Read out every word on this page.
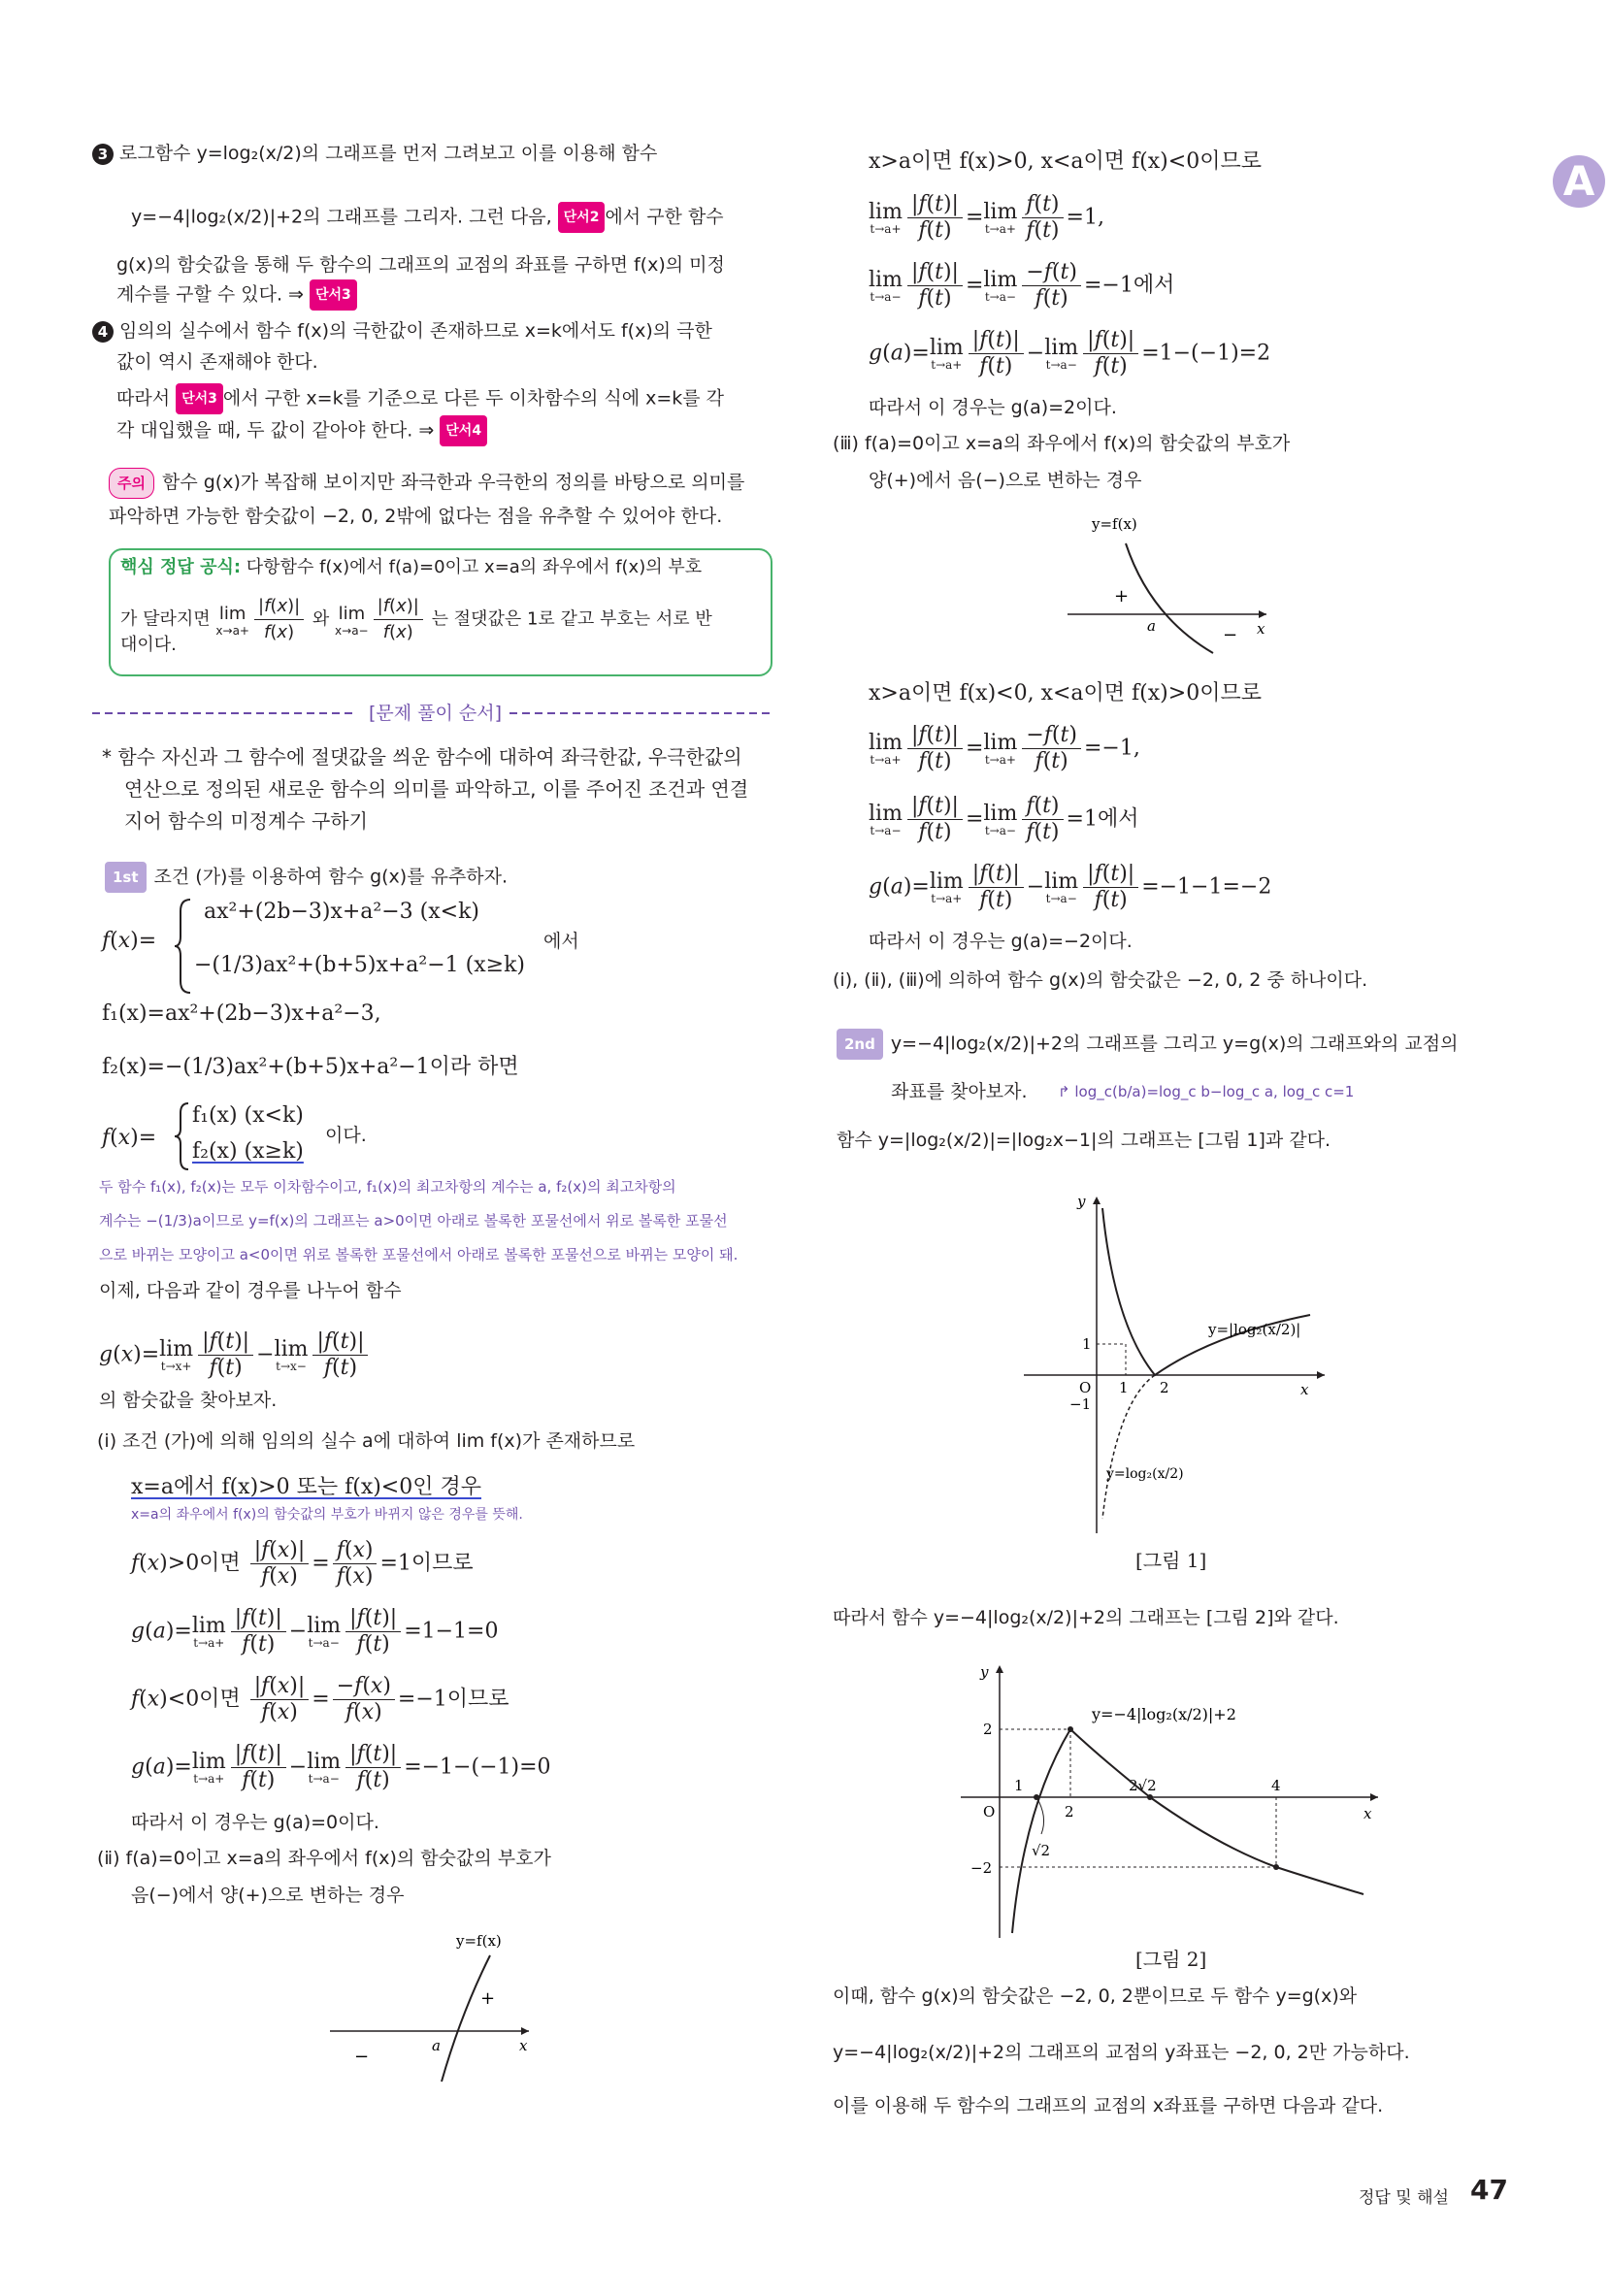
3 로그함수 y=log₂(x/2)의 그래프를 먼저 그려보고 이를 이용해 함수
y=−4|log₂(x/2)|+2의 그래프를 그리자. 그런 다음, 단서2 에서 구한 함수
g(x)의 함숫값을 통해 두 함수의 그래프의 교점의 좌표를 구하면 f(x)의 미정
계수를 구할 수 있다. ⇒ 단서3
4 임의의 실수에서 함수 f(x)의 극한값이 존재하므로 x=k에서도 f(x)의 극한
값이 역시 존재해야 한다.
따라서 단서3 에서 구한 x=k를 기준으로 다른 두 이차함수의 식에 x=k를 각
각 대입했을 때, 두 값이 같아야 한다. ⇒ 단서4
주의 함수 g(x)가 복잡해 보이지만 좌극한과 우극한의 정의를 바탕으로 의미를
파악하면 가능한 함숫값이 −2, 0, 2밖에 없다는 점을 유추할 수 있어야 한다.
핵심 정답 공식: 다항함수 f(x)에서 f(a)=0이고 x=a의 좌우에서 f(x)의 부호
가 달라지면 lim
$x\to a+ \frac{|f(x)|}{f(x)}$ 와 lim
$x\to a- \frac{|f(x)|}{f(x)}$ 는 절댓값은 1로 같고 부호는 서로 반
대이다.
[문제 풀이 순서]
* 함수 자신과 그 함수에 절댓값을 씌운 함수에 대하여 좌극한값, 우극한값의
연산으로 정의된 새로운 함수의 의미를 파악하고, 이를 주어진 조건과 연결
지어 함수의 미정계수 구하기
1st 조건 (가)를 이용하여 함수 g(x)를 유추하자.
f(x)=
ax²+(2b−3)x+a²−3 (x<k)
−(1/3)ax²+(b+5)x+a²−1 (x≥k)
에서
f₁(x)=ax²+(2b−3)x+a²−3,
f₂(x)=−(1/3)ax²+(b+5)x+a²−1이라 하면
f(x)=
f₁(x) (x<k)
f₂(x) (x≥k)
이다.
두 함수 f₁(x), f₂(x)는 모두 이차함수이고, f₁(x)의 최고차항의 계수는 a, f₂(x)의 최고차항의
계수는 −(1/3)a이므로 y=f(x)의 그래프는 a>0이면 아래로 볼록한 포물선에서 위로 볼록한 포물선
으로 바뀌는 모양이고 a<0이면 위로 볼록한 포물선에서 아래로 볼록한 포물선으로 바뀌는 모양이 돼.
이제, 다음과 같이 경우를 나누어 함수
g(x)=lim
$t\to x+ \frac{|f(t)|}{f(t)} -\lim$
$t\to x- \frac{|f(t)|}{f(t)}$
의 함숫값을 찾아보자.
(ⅰ) 조건 (가)에 의해 임의의 실수 a에 대하여 lim f(x)가 존재하므로
x=a에서 f(x)>0 또는 f(x)<0인 경우
x=a의 좌우에서 f(x)의 함숫값의 부호가 바뀌지 않은 경우를 뜻해.
f(x)>0이면 $\frac{|f(x)|}{f(x)} = \frac{f(x)}{f(x)} =1$이므로
g(a)=lim
$t\to a+ \frac{|f(t)|}{f(t)} -\lim$
$t\to a- \frac{|f(t)|}{f(t)} =1-1=0$
f(x)<0이면 $\frac{|f(x)|}{f(x)} = \frac{-f(x)}{f(x)} =-1$이므로
g(a)=lim
$t\to a+ \frac{|f(t)|}{f(t)} -\lim$
$t\to a- \frac{|f(t)|}{f(t)} =-1-(-1)=0$
따라서 이 경우는 g(a)=0이다.
(ⅱ) f(a)=0이고 x=a의 좌우에서 f(x)의 함숫값의 부호가
음(−)에서 양(+)으로 변하는 경우
y=f(x)
+
−
x
a
A
x>a이면 f(x)>0, x<a이면 f(x)<0이므로
lim
$t\to a+ \frac{|f(t)|}{f(t)} =\lim$
$t\to a+ \frac{f(t)}{f(t)} =1$,
lim
$t\to a- \frac{|f(t)|}{f(t)} =\lim$
$t\to a- \frac{-f(t)}{f(t)} =-1$에서
g(a)=lim
$t\to a+ \frac{|f(t)|}{f(t)} -\lim$
$t\to a- \frac{|f(t)|}{f(t)} =1-(-1)=2$
따라서 이 경우는 g(a)=2이다.
(ⅲ) f(a)=0이고 x=a의 좌우에서 f(x)의 함숫값의 부호가
양(+)에서 음(−)으로 변하는 경우
y=f(x)
+
− x
a
x>a이면 f(x)<0, x<a이면 f(x)>0이므로
lim
$t\to a+ \frac{|f(t)|}{f(t)} =\lim$
$t\to a+ \frac{-f(t)}{f(t)} =-1$,
lim
$t\to a- \frac{|f(t)|}{f(t)} =\lim$
$t\to a- \frac{f(t)}{f(t)} =1$에서
g(a)=lim
$t\to a+ \frac{|f(t)|}{f(t)} -\lim$
$t\to a- \frac{|f(t)|}{f(t)} =-1-1=-2$
따라서 이 경우는 g(a)=−2이다.
(ⅰ), (ⅱ), (ⅲ)에 의하여 함수 g(x)의 함숫값은 −2, 0, 2 중 하나이다.
2nd y=−4|log₂(x/2)|+2의 그래프를 그리고 y=g(x)의 그래프와의 교점의
좌표를 찾아보자. ↱ log_c(b/a)=log_c b−log_c a, log_c c=1
함수 y=|log₂(x/2)|=|log₂x−1|의 그래프는 [그림 1]과 같다.
y
x
O
1
−1
1 2
y=|log₂(x/2)|
y=log₂(x/2)
[그림 1]
따라서 함수 y=−4|log₂(x/2)|+2의 그래프는 [그림 2]와 같다.
y
x
O
2
−2
1
2
2√2	4
√2
y=−4|log₂(x/2)|+2
[그림 2]
이때, 함수 g(x)의 함숫값은 −2, 0, 2뿐이므로 두 함수 y=g(x)와
y=−4|log₂(x/2)|+2의 그래프의 교점의 y좌표는 −2, 0, 2만 가능하다.
이를 이용해 두 함수의 그래프의 교점의 x좌표를 구하면 다음과 같다.
정답 및 해설 47
